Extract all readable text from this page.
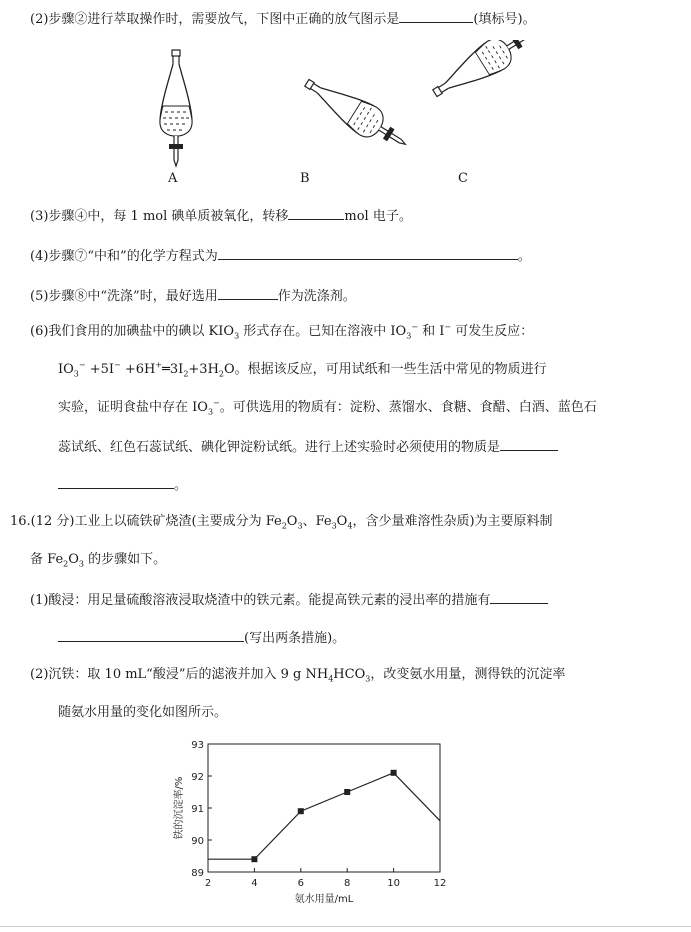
(2)步骤②进行萃取操作时，需要放气，下图中正确的放气图示是	(填标号)。
A	B	C
(3)步骤④中，每 1 mol 碘单质被氧化，转移	mol 电子。
(4)步骤⑦“中和”的化学方程式为	。
(5)步骤⑧中“洗涤”时，最好选用	作为洗涤剂。
(6)我们食用的加碘盐中的碘以 $KIO_3$ 形式存在。已知在溶液中 $IO_3^-$ 和 I− 可发生反应：
$IO_3^- +5I^-$ $+6H^+═3I_2+3H_2O$。根据该反应，可用试纸和一些生活中常见的物质进行
实验，证明食盐中存在 $IO_3^-$。可供选用的物质有：淀粉、蒸馏水、食糖、食醋、白酒、蓝色石
蕊试纸、红色石蕊试纸、碘化钾淀粉试纸。进行上述实验时必须使用的物质是
。
16.(12 分)工业上以硫铁矿烧渣(主要成分为 $Fe_2O_3$、$Fe_3O_4$，含少量难溶性杂质)为主要原料制
备 $Fe_2O_3$ 的步骤如下。
(1)酸浸：用足量硫酸溶液浸取烧渣中的铁元素。能提高铁元素的浸出率的措施有
(写出两条措施)。
(2)沉铁：取 10 mL“酸浸”后的滤液并加入 9 g $NH_4HCO_3$，改变氨水用量，测得铁的沉淀率
随氨水用量的变化如图所示。
2	4	6	8	10	12
89
90
91
92
93
氨水用量/mL
铁的沉淀率/%
